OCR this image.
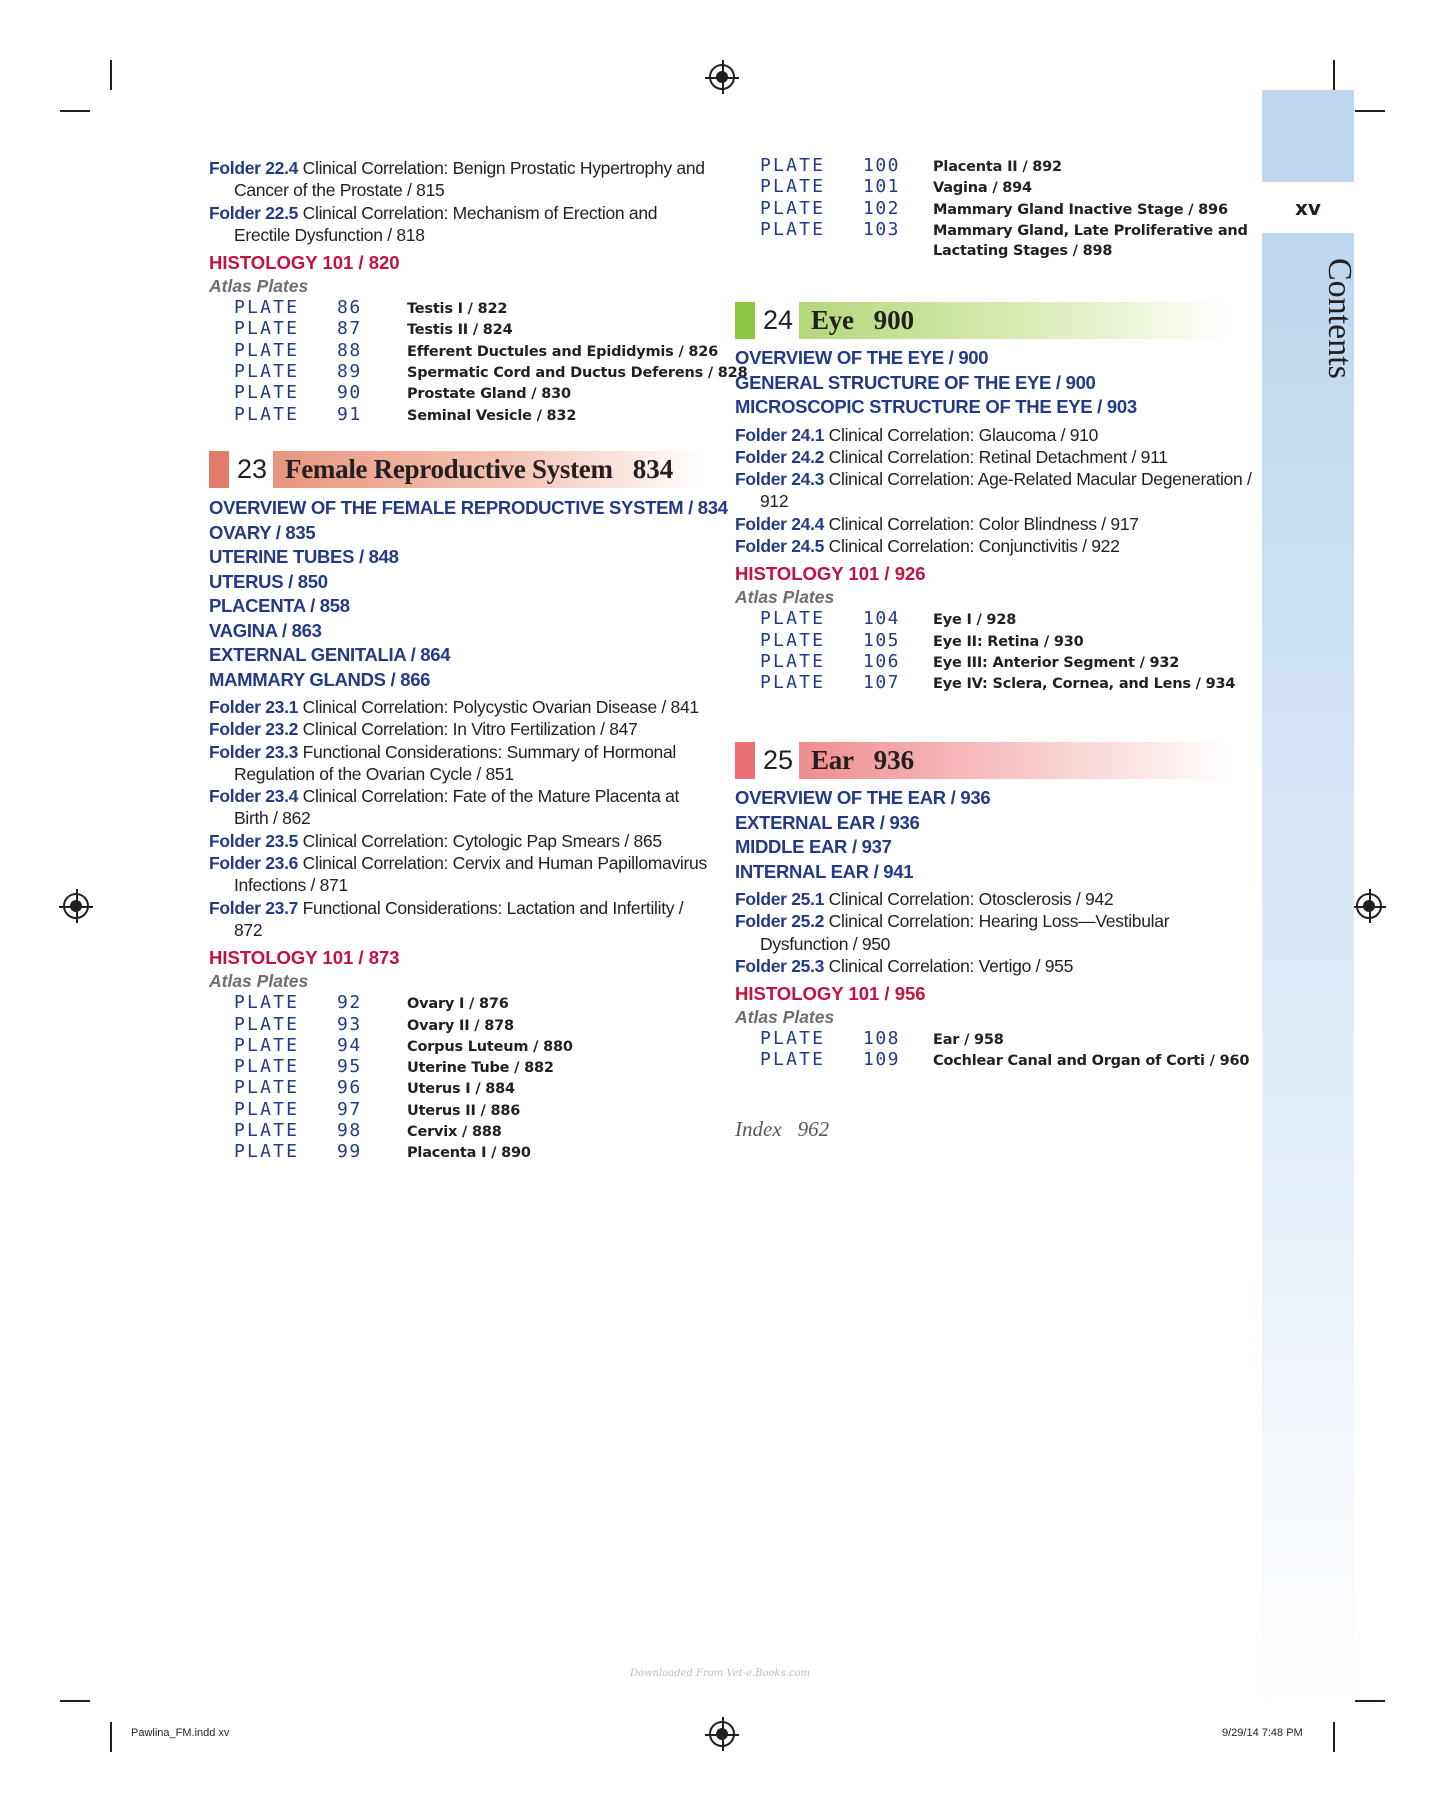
xv
Contents
Folder 22.4 Clinical Correlation: Benign Prostatic Hypertrophy and Cancer of the Prostate / 815
Folder 22.5 Clinical Correlation: Mechanism of Erection and Erectile Dysfunction / 818
HISTOLOGY 101 / 820
Atlas Plates
PLATE	86	Testis I / 822
PLATE	87	Testis II / 824
PLATE	88	Efferent Ductules and Epididymis / 826
PLATE	89	Spermatic Cord and Ductus Deferens / 828
PLATE	90	Prostate Gland / 830
PLATE	91	Seminal Vesicle / 832
23 Female Reproductive System 834
OVERVIEW OF THE FEMALE REPRODUCTIVE SYSTEM / 834
OVARY / 835
UTERINE TUBES / 848
UTERUS / 850
PLACENTA / 858
VAGINA / 863
EXTERNAL GENITALIA / 864
MAMMARY GLANDS / 866
Folder 23.1 Clinical Correlation: Polycystic Ovarian Disease / 841
Folder 23.2 Clinical Correlation: In Vitro Fertilization / 847
Folder 23.3 Functional Considerations: Summary of Hormonal Regulation of the Ovarian Cycle / 851
Folder 23.4 Clinical Correlation: Fate of the Mature Placenta at Birth / 862
Folder 23.5 Clinical Correlation: Cytologic Pap Smears / 865
Folder 23.6 Clinical Correlation: Cervix and Human Papillomavirus Infections / 871
Folder 23.7 Functional Considerations: Lactation and Infertility / 872
HISTOLOGY 101 / 873
Atlas Plates
PLATE	92	Ovary I / 876
PLATE	93	Ovary II / 878
PLATE	94	Corpus Luteum / 880
PLATE	95	Uterine Tube / 882
PLATE	96	Uterus I / 884
PLATE	97	Uterus II / 886
PLATE	98	Cervix / 888
PLATE	99	Placenta I / 890
PLATE	100	Placenta II / 892
PLATE	101	Vagina / 894
PLATE	102	Mammary Gland Inactive Stage / 896
PLATE	103	Mammary Gland, Late Proliferative and
Lactating Stages / 898
24 Eye 900
OVERVIEW OF THE EYE / 900
GENERAL STRUCTURE OF THE EYE / 900
MICROSCOPIC STRUCTURE OF THE EYE / 903
Folder 24.1 Clinical Correlation: Glaucoma / 910
Folder 24.2 Clinical Correlation: Retinal Detachment / 911
Folder 24.3 Clinical Correlation: Age-Related Macular Degeneration / 912
Folder 24.4 Clinical Correlation: Color Blindness / 917
Folder 24.5 Clinical Correlation: Conjunctivitis / 922
HISTOLOGY 101 / 926
Atlas Plates
PLATE	104	Eye I / 928
PLATE	105	Eye II: Retina / 930
PLATE	106	Eye III: Anterior Segment / 932
PLATE	107	Eye IV: Sclera, Cornea, and Lens / 934
25 Ear 936
OVERVIEW OF THE EAR / 936
EXTERNAL EAR / 936
MIDDLE EAR / 937
INTERNAL EAR / 941
Folder 25.1 Clinical Correlation: Otosclerosis / 942
Folder 25.2 Clinical Correlation: Hearing Loss—Vestibular Dysfunction / 950
Folder 25.3 Clinical Correlation: Vertigo / 955
HISTOLOGY 101 / 956
Atlas Plates
PLATE	108	Ear / 958
PLATE	109	Cochlear Canal and Organ of Corti / 960
Index 962
Downloaded From Vet-e.Books.com
Pawlina_FM.indd xv	9/29/14 7:48 PM
